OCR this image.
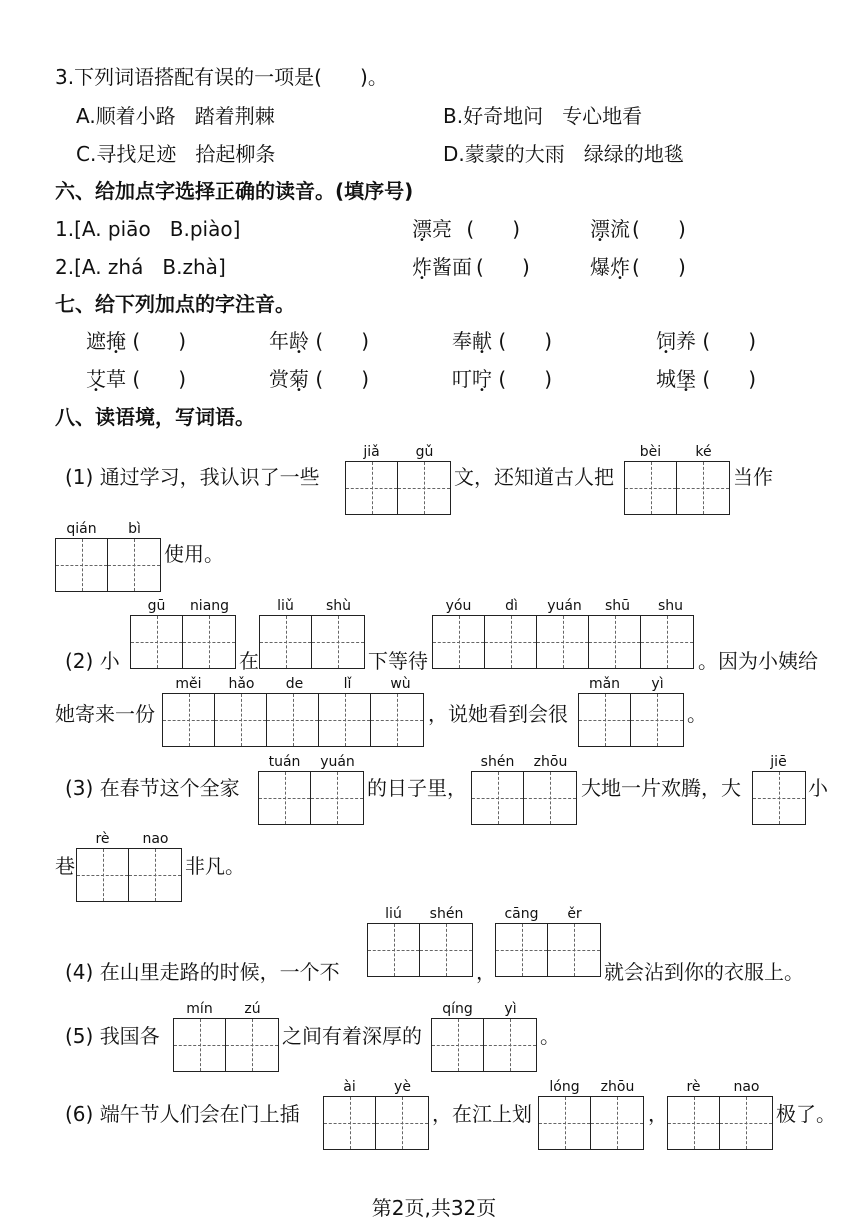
3.下列词语搭配有误的一项是(      )。
A.顺着小路   踏着荆棘	B.好奇地问   专心地看
C.寻找足迹   拾起柳条	D.蒙蒙的大雨   绿绿的地毯
六、给加点字选择正确的读音。(填序号)
1.[A. piāo   B.piào]	漂亮 (      )	漂流 (      )
2.[A. zhá   B.zhà]	炸酱面 (      )	爆炸 (      )
七、给下列加点的字注音。
遮掩 (      )	年龄 (      )	奉献 (      )	饲养 (      )
艾草 (      )	赏菊 (      )	叮咛 (      )	城堡 (      )
八、读语境，写词语。
(1) 通过学习，我认识了一些
jiǎ	gǔ
文，还知道古人把
bèi	ké
当作
qián	bì
使用。
(2) 小
gū	niang
在
liǔ	shù
下等待
yóu	dì	yuán	shū	shu
。因为小姨给
她寄来一份
měi	hǎo	de	lǐ	wù
，说她看到会很
mǎn	yì
。
(3) 在春节这个全家
tuán	yuán
的日子里，
shén	zhōu
大地一片欢腾，大
jiē
小
巷
rè	nao
非凡。
(4) 在山里走路的时候，一个不
liú	shén
，
cāng	ěr
就会沾到你的衣服上。
(5) 我国各
mín	zú
之间有着深厚的
qíng	yì
。
(6) 端午节人们会在门上插
ài	yè
，在江上划
lóng	zhōu
，
rè	nao
极了。
第2页,共32页
